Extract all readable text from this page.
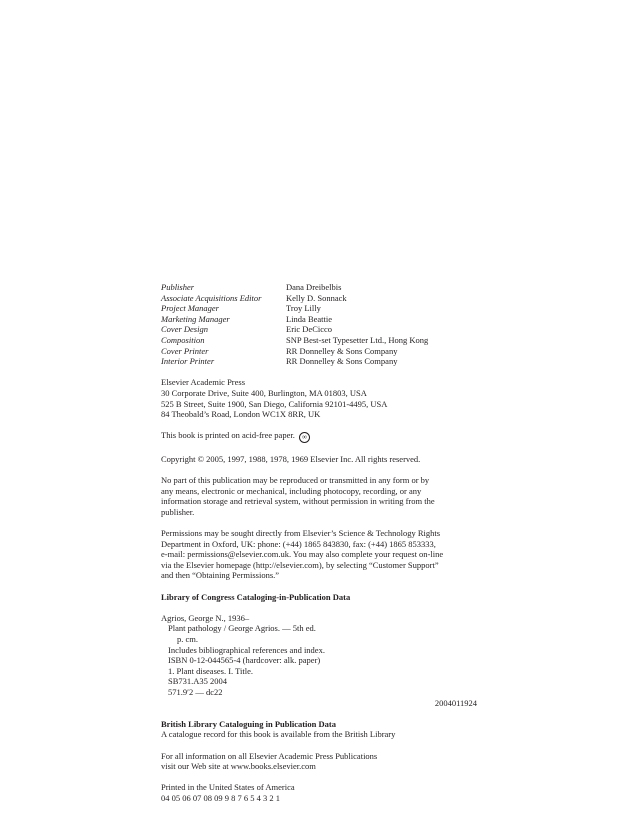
Publisher	Dana Dreibelbis
Associate Acquisitions Editor	Kelly D. Sonnack
Project Manager	Troy Lilly
Marketing Manager	Linda Beattie
Cover Design	Eric DeCicco
Composition	SNP Best-set Typesetter Ltd., Hong Kong
Cover Printer	RR Donnelley & Sons Company
Interior Printer	RR Donnelley & Sons Company
Elsevier Academic Press
30 Corporate Drive, Suite 400, Burlington, MA 01803, USA
525 B Street, Suite 1900, San Diego, California 92101-4495, USA
84 Theobald’s Road, London WC1X 8RR, UK
This book is printed on acid-free paper. ∞
Copyright © 2005, 1997, 1988, 1978, 1969 Elsevier Inc. All rights reserved.
No part of this publication may be reproduced or transmitted in any form or by
any means, electronic or mechanical, including photocopy, recording, or any
information storage and retrieval system, without permission in writing from the
publisher.
Permissions may be sought directly from Elsevier’s Science & Technology Rights
Department in Oxford, UK: phone: (+44) 1865 843830, fax: (+44) 1865 853333,
e-mail: permissions@elsevier.com.uk. You may also complete your request on-line
via the Elsevier homepage (http://elsevier.com), by selecting “Customer Support”
and then “Obtaining Permissions.”
Library of Congress Cataloging-in-Publication Data
Agrios, George N., 1936–
Plant pathology / George Agrios. — 5th ed.
p. cm.
Includes bibliographical references and index.
ISBN 0-12-044565-4 (hardcover: alk. paper)
1. Plant diseases. I. Title.
SB731.A35 2004
571.9′2 — dc22
2004011924
British Library Cataloguing in Publication Data
A catalogue record for this book is available from the British Library
For all information on all Elsevier Academic Press Publications
visit our Web site at www.books.elsevier.com
Printed in the United States of America
04 05 06 07 08 09 9 8 7 6 5 4 3 2 1
